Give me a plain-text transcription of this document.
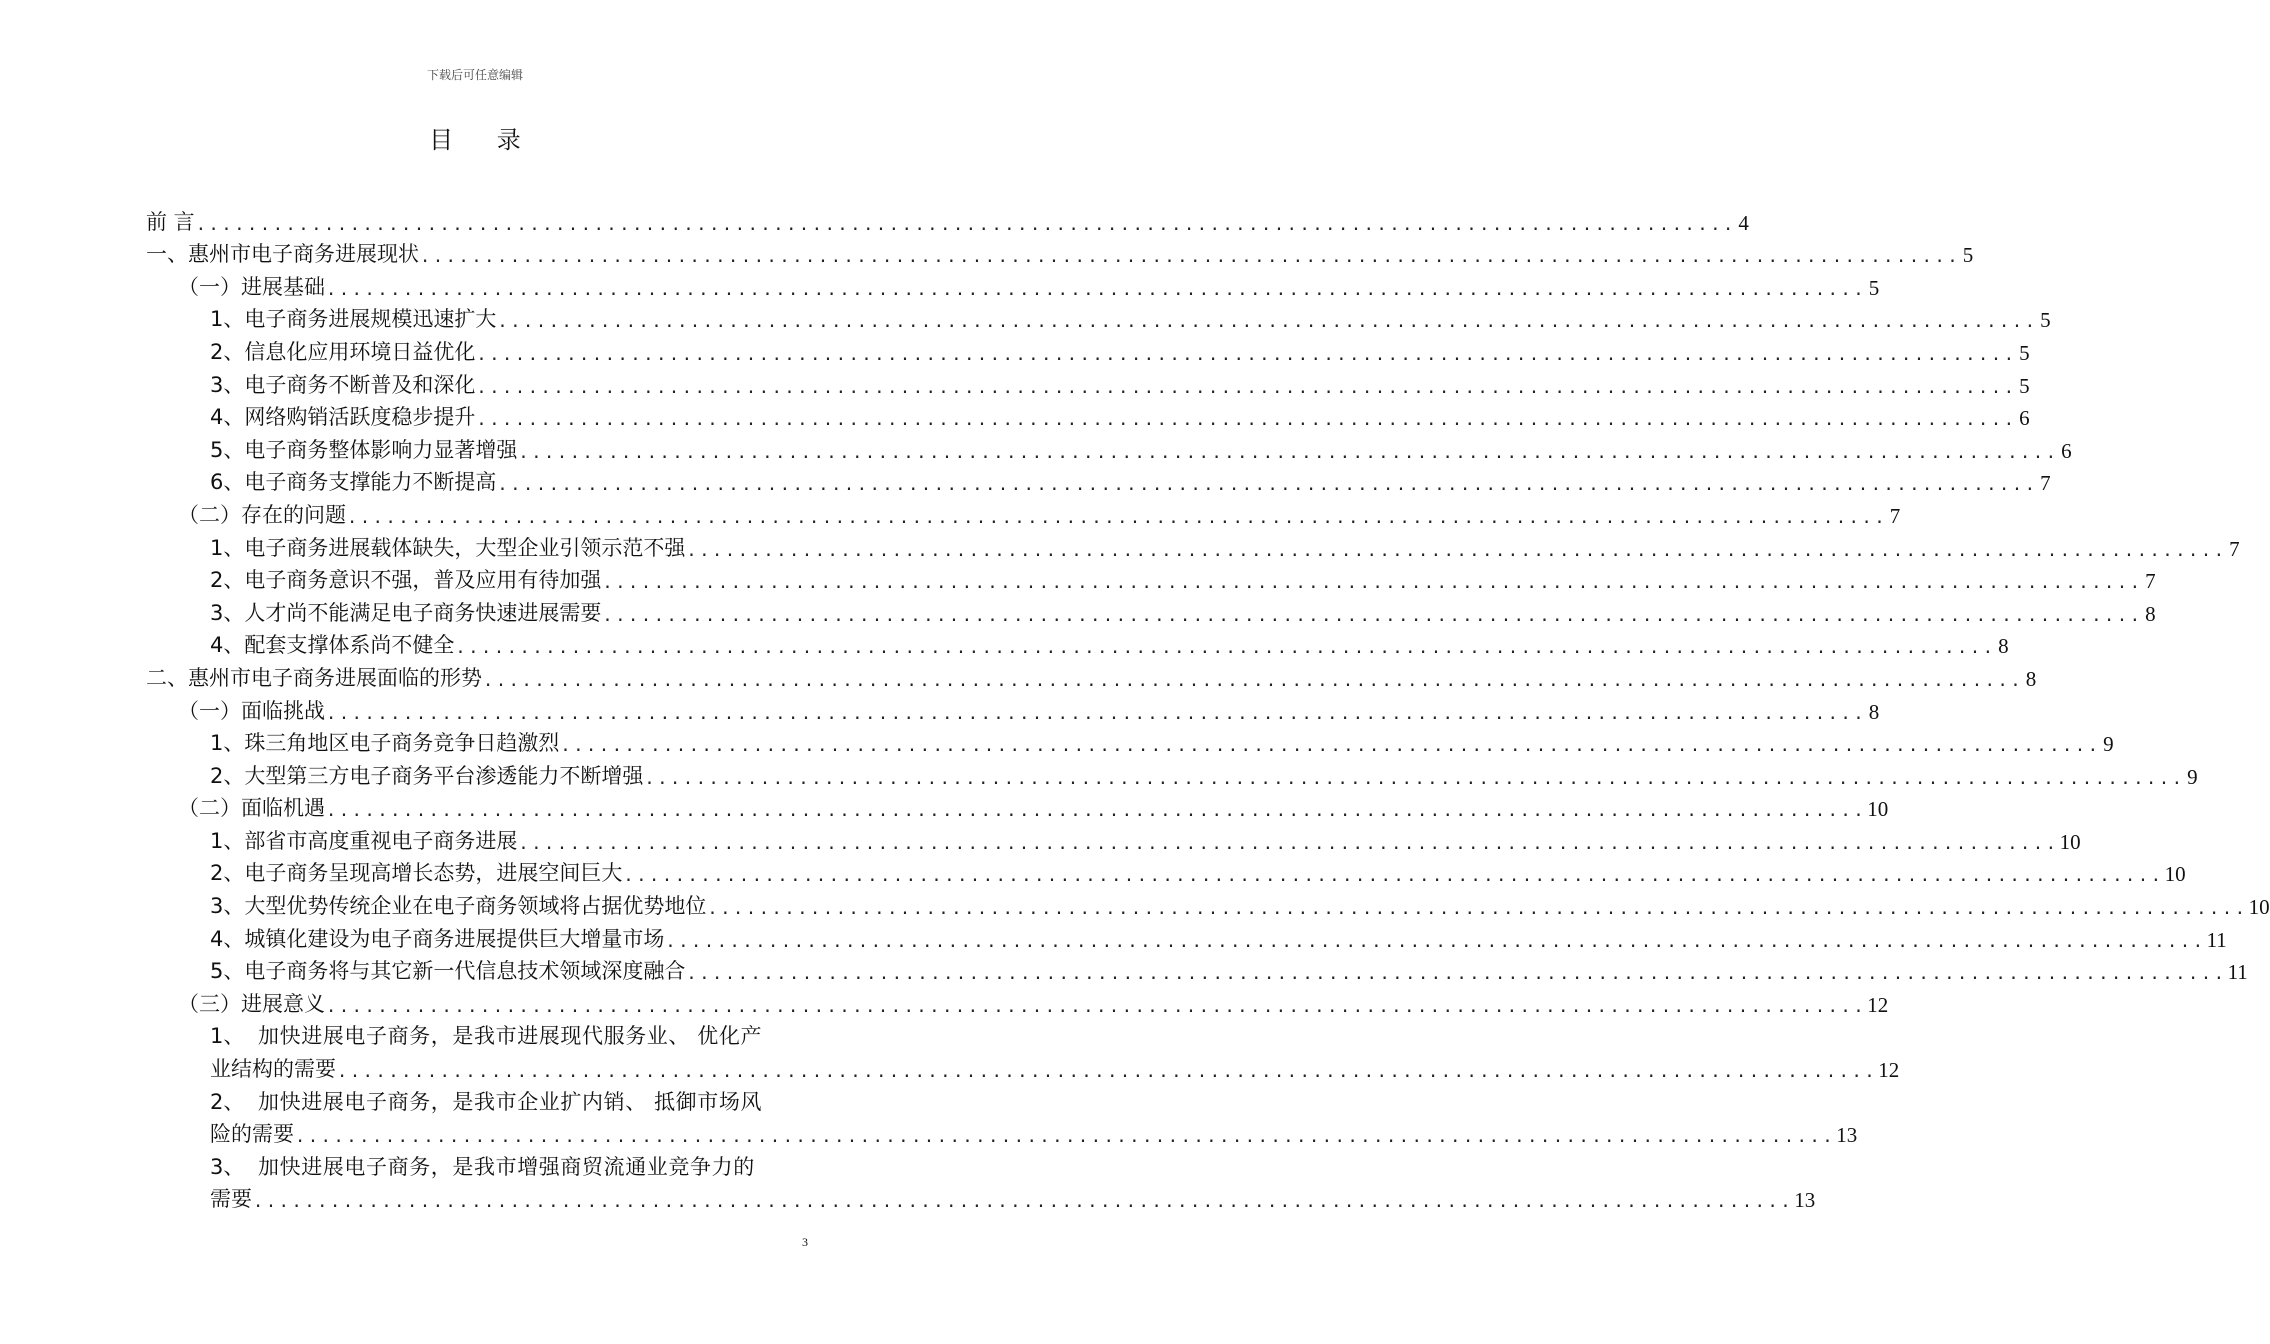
下载后可任意编辑
目 录
前 言 ........................................................................................................................ 4
一、 惠州市电子商务进展现状 ........................................................................................................................ 5
（一） 进展基础 ........................................................................................................................ 5
1、 电子商务进展规模迅速扩大 ........................................................................................................................ 5
2、 信息化应用环境日益优化 ........................................................................................................................ 5
3、 电子商务不断普及和深化 ........................................................................................................................ 5
4、 网络购销活跃度稳步提升 ........................................................................................................................ 6
5、 电子商务整体影响力显著增强 ........................................................................................................................ 6
6、 电子商务支撑能力不断提高 ........................................................................................................................ 7
（二） 存在的问题 ........................................................................................................................ 7
1、 电子商务进展载体缺失，大型企业引领示范不强 ........................................................................................................................ 7
2、 电子商务意识不强，普及应用有待加强 ........................................................................................................................ 7
3、 人才尚不能满足电子商务快速进展需要 ........................................................................................................................ 8
4、 配套支撑体系尚不健全 ........................................................................................................................ 8
二、 惠州市电子商务进展面临的形势 ........................................................................................................................ 8
（一） 面临挑战 ........................................................................................................................ 8
1、 珠三角地区电子商务竞争日趋激烈 ........................................................................................................................ 9
2、 大型第三方电子商务平台渗透能力不断增强 ........................................................................................................................ 9
（二） 面临机遇 ........................................................................................................................ 10
1、 部省市高度重视电子商务进展 ........................................................................................................................ 10
2、 电子商务呈现高增长态势，进展空间巨大 ........................................................................................................................ 10
3、 大型优势传统企业在电子商务领域将占据优势地位 ........................................................................................................................ 10
4、 城镇化建设为电子商务进展提供巨大增量市场 ........................................................................................................................ 11
5、 电子商务将与其它新一代信息技术领域深度融合 ........................................................................................................................ 11
（三） 进展意义 ........................................................................................................................ 12
1、 加快进展电子商务，是我市进展现代服务业、 优化产
业结构的需要 ........................................................................................................................ 12
2、 加快进展电子商务，是我市企业扩内销、 抵御市场风
险的需要 ........................................................................................................................ 13
3、 加快进展电子商务，是我市增强商贸流通业竞争力的
需要 ........................................................................................................................ 13
3
